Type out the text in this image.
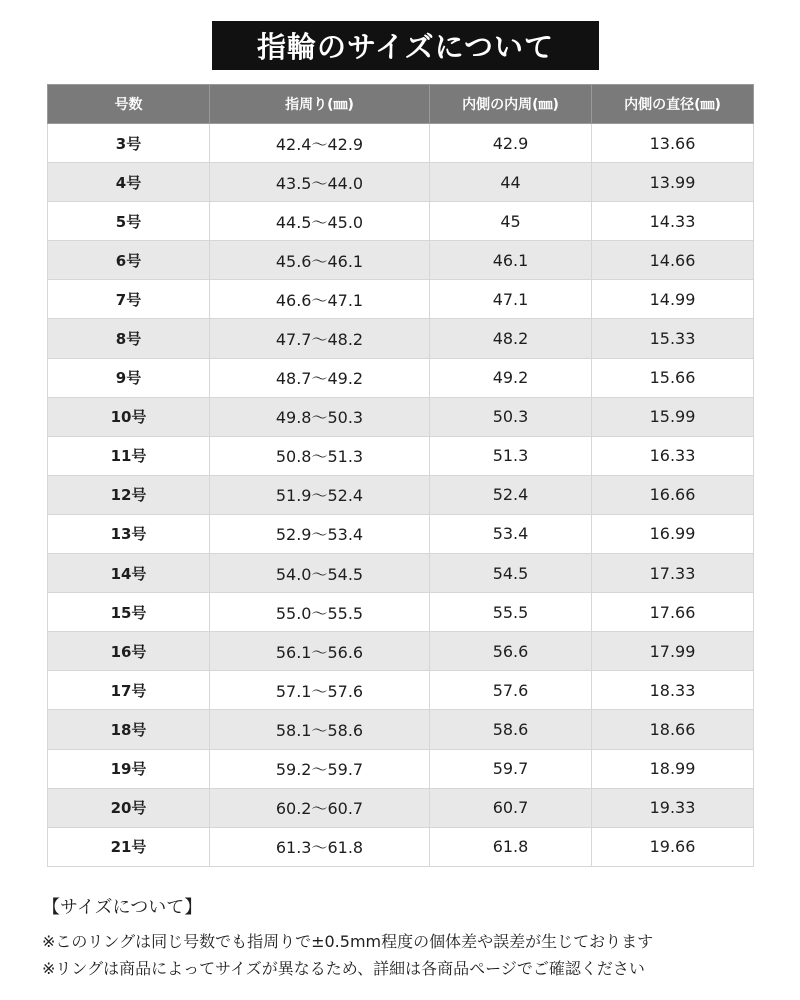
指輪のサイズについて
号数	指周り(㎜)	内側の内周(㎜)	内側の直径(㎜)
3号	42.4～42.9	42.9	13.66
4号	43.5～44.0	44	13.99
5号	44.5～45.0	45	14.33
6号	45.6～46.1	46.1	14.66
7号	46.6～47.1	47.1	14.99
8号	47.7～48.2	48.2	15.33
9号	48.7～49.2	49.2	15.66
10号	49.8～50.3	50.3	15.99
11号	50.8～51.3	51.3	16.33
12号	51.9～52.4	52.4	16.66
13号	52.9～53.4	53.4	16.99
14号	54.0～54.5	54.5	17.33
15号	55.0～55.5	55.5	17.66
16号	56.1～56.6	56.6	17.99
17号	57.1～57.6	57.6	18.33
18号	58.1～58.6	58.6	18.66
19号	59.2～59.7	59.7	18.99
20号	60.2～60.7	60.7	19.33
21号	61.3～61.8	61.8	19.66
【サイズについて】
※このリングは同じ号数でも指周りで±0.5mm程度の個体差や誤差が生じております
※リングは商品によってサイズが異なるため、詳細は各商品ページでご確認ください
